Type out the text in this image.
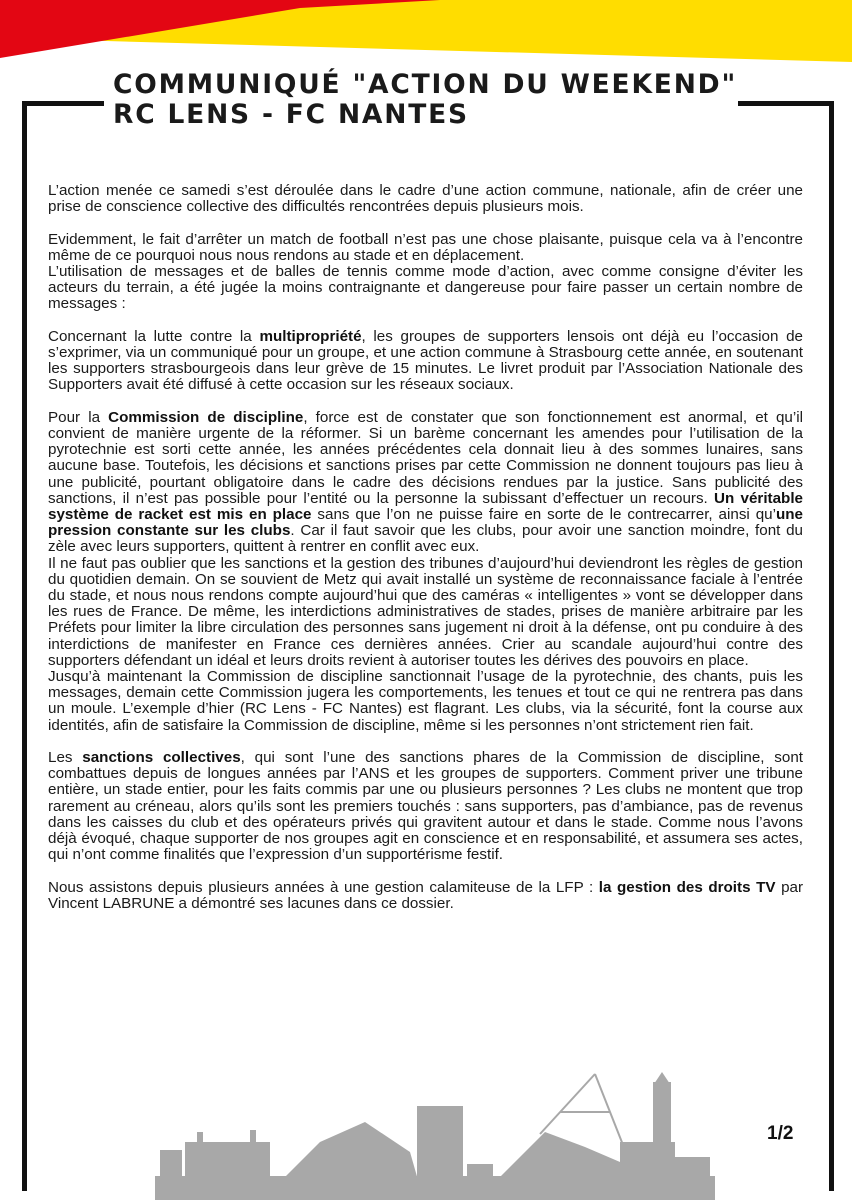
COMMUNIQUÉ "ACTION DU WEEKEND"
RC LENS - FC NANTES

L’action menée ce samedi s’est déroulée dans le cadre d’une action commune, nationale, afin de créer une prise de conscience collective des difficultés rencontrées depuis plusieurs mois.

Evidemment, le fait d’arrêter un match de football n’est pas une chose plaisante, puisque cela va à l’encontre même de ce pourquoi nous nous rendons au stade et en déplacement.

L’utilisation de messages et de balles de tennis comme mode d’action, avec comme consigne d’éviter les acteurs du terrain, a été jugée la moins contraignante et dangereuse pour faire passer un certain nombre de messages :

Concernant la lutte contre la multipropriété, les groupes de supporters lensois ont déjà eu l’occasion de s’exprimer, via un communiqué pour un groupe, et une action commune à Strasbourg cette année, en soutenant les supporters strasbourgeois dans leur grève de 15 minutes. Le livret produit par l’Association Nationale des Supporters avait été diffusé à cette occasion sur les réseaux sociaux.

Pour la Commission de discipline, force est de constater que son fonctionnement est anormal, et qu’il convient de manière urgente de la réformer. Si un barème concernant les amendes pour l’utilisation de la pyrotechnie est sorti cette année, les années précédentes cela donnait lieu à des sommes lunaires, sans aucune base. Toutefois, les décisions et sanctions prises par cette Commission ne donnent toujours pas lieu à une publicité, pourtant obligatoire dans le cadre des décisions rendues par la justice. Sans publicité des sanctions, il n’est pas possible pour l’entité ou la personne la subissant d’effectuer un recours. Un véritable système de racket est mis en place sans que l’on ne puisse faire en sorte de le contrecarrer, ainsi qu’une pression constante sur les clubs. Car il faut savoir que les clubs, pour avoir une sanction moindre, font du zèle avec leurs supporters, quittent à rentrer en conflit avec eux.

Il ne faut pas oublier que les sanctions et la gestion des tribunes d’aujourd’hui deviendront les règles de gestion du quotidien demain. On se souvient de Metz qui avait installé un système de reconnaissance faciale à l’entrée du stade, et nous nous rendons compte aujourd’hui que des caméras « intelligentes » vont se développer dans les rues de France. De même, les interdictions administratives de stades, prises de manière arbitraire par les Préfets pour limiter la libre circulation des personnes sans jugement ni droit à la défense, ont pu conduire à des interdictions de manifester en France ces dernières années. Crier au scandale aujourd’hui contre des supporters défendant un idéal et leurs droits revient à autoriser toutes les dérives des pouvoirs en place.

Jusqu’à maintenant la Commission de discipline sanctionnait l’usage de la pyrotechnie, des chants, puis les messages, demain cette Commission jugera les comportements, les tenues et tout ce qui ne rentrera pas dans un moule. L’exemple d’hier (RC Lens - FC Nantes) est flagrant. Les clubs, via la sécurité, font la course aux identités, afin de satisfaire la Commission de discipline, même si les personnes n’ont strictement rien fait.

Les sanctions collectives, qui sont l’une des sanctions phares de la Commission de discipline, sont combattues depuis de longues années par l’ANS et les groupes de supporters. Comment priver une tribune entière, un stade entier, pour les faits commis par une ou plusieurs personnes ? Les clubs ne montent que trop rarement au créneau, alors qu’ils sont les premiers touchés : sans supporters, pas d’ambiance, pas de revenus dans les caisses du club et des opérateurs privés qui gravitent autour et dans le stade. Comme nous l’avons déjà évoqué, chaque supporter de nos groupes agit en conscience et en responsabilité, et assumera ses actes, qui n’ont comme finalités que l’expression d’un supportérisme festif.

Nous assistons depuis plusieurs années à une gestion calamiteuse de la LFP : la gestion des droits TV par Vincent LABRUNE a démontré ses lacunes dans ce dossier.

1/2
